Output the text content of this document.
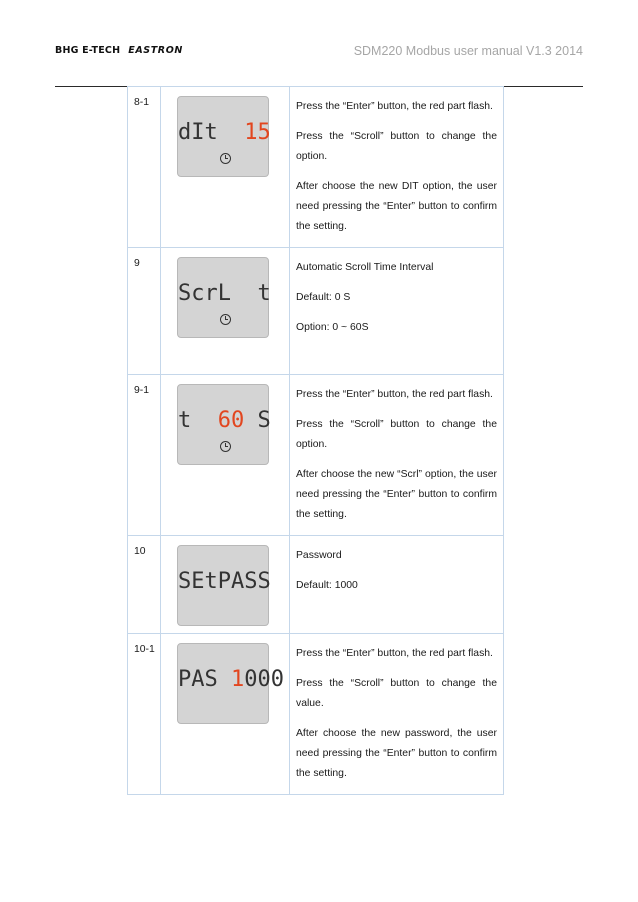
BHG E-TECH EASTRON	SDM220 Modbus user manual V1.3 2014
8-1	dIt  15	Press the “Enter” button, the red part flash.

Press the “Scroll” button to change the option.

After choose the new DIT option, the user need pressing the “Enter” button to confirm the setting.

9	ScrL  t	Automatic Scroll Time Interval

Default: 0 S

Option: 0 ~ 60S

9-1	t  60 S	Press the “Enter” button, the red part flash.

Press the “Scroll” button to change the option.

After choose the new “Scrl” option, the user need pressing the “Enter” button to confirm the setting.

10	SEtPASS	Password

Default: 1000

10-1	PAS 1000	Press the “Enter” button, the red part flash.

Press the “Scroll” button to change the value.

After choose the new password, the user need pressing the “Enter” button to confirm the setting.
